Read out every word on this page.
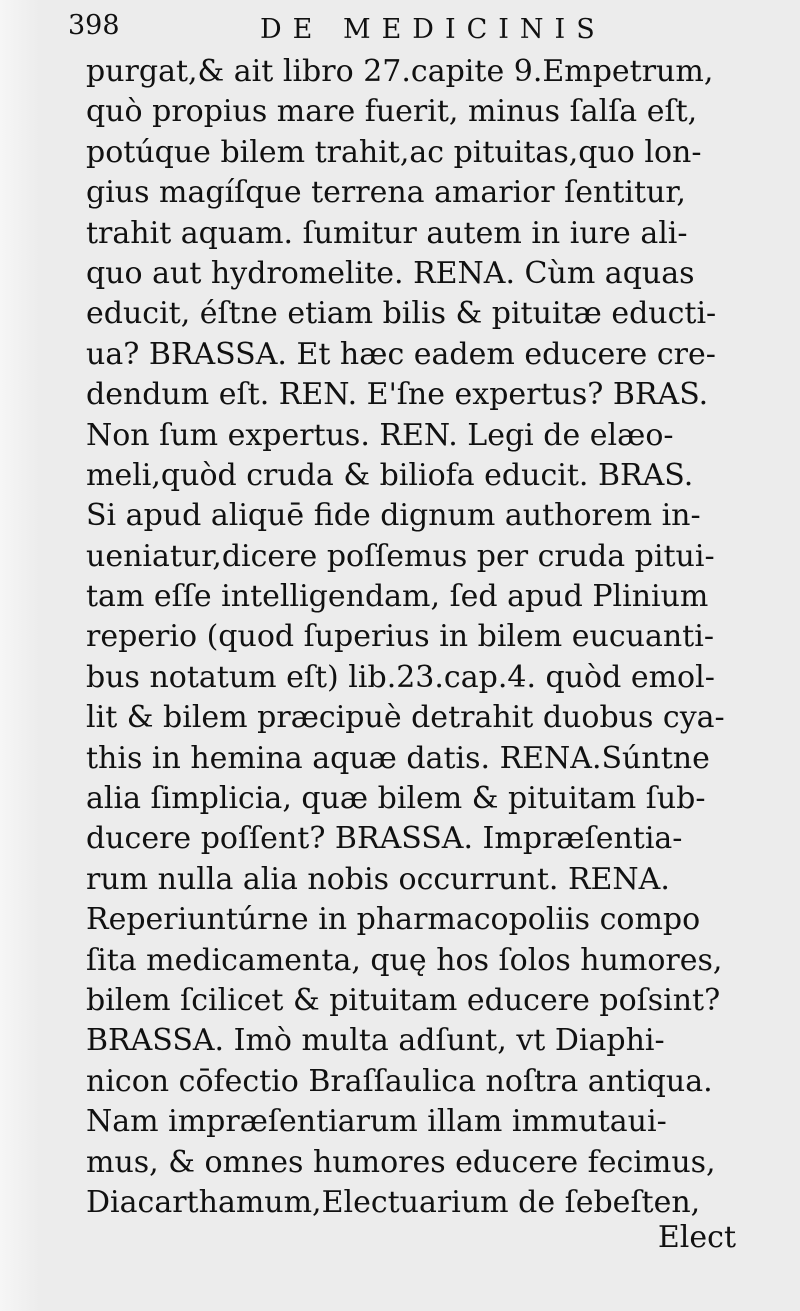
398	DE MEDICINIS
purgat,& ait libro 27.capite 9.Empetrum,
quò propius mare fuerit, minus ſalſa eſt,
potúque bilem trahit,ac pituitas,quo lon-
gius magíſque terrena amarior ſentitur,
trahit aquam. ſumitur autem in iure ali-
quo aut hydromelite. RENA. Cùm aquas
educit, éſtne etiam bilis & pituitæ educti-
ua? BRASSA. Et hæc eadem educere cre-
dendum eſt. REN. E'ſne expertus? BRAS.
Non ſum expertus. REN. Legi de elæo-
meli,quòd cruda & biliofa educit. BRAS.
Si apud aliquē fide dignum authorem in-
ueniatur,dicere poſſemus per cruda pitui-
tam eſſe intelligendam, ſed apud Plinium
reperio (quod ſuperius in bilem eucuanti-
bus notatum eſt) lib.23.cap.4. quòd emol-
lit & bilem præcipuè detrahit duobus cya-
this in hemina aquæ datis. RENA.Súntne
alia ſimplicia, quæ bilem & pituitam ſub-
ducere poſſent? BRASSA. Impræſentia-
rum nulla alia nobis occurrunt. RENA.
Reperiuntúrne in pharmacopoliis compo
ſita medicamenta, quę hos ſolos humores,
bilem ſcilicet & pituitam educere poſsint?
BRASSA. Imò multa adſunt, vt Diaphi-
nicon cōfectio Braſſaulica noſtra antiqua.
Nam impræſentiarum illam immutaui-
mus, & omnes humores educere fecimus,
Diacarthamum,Electuarium de ſebeſten,
Elect
